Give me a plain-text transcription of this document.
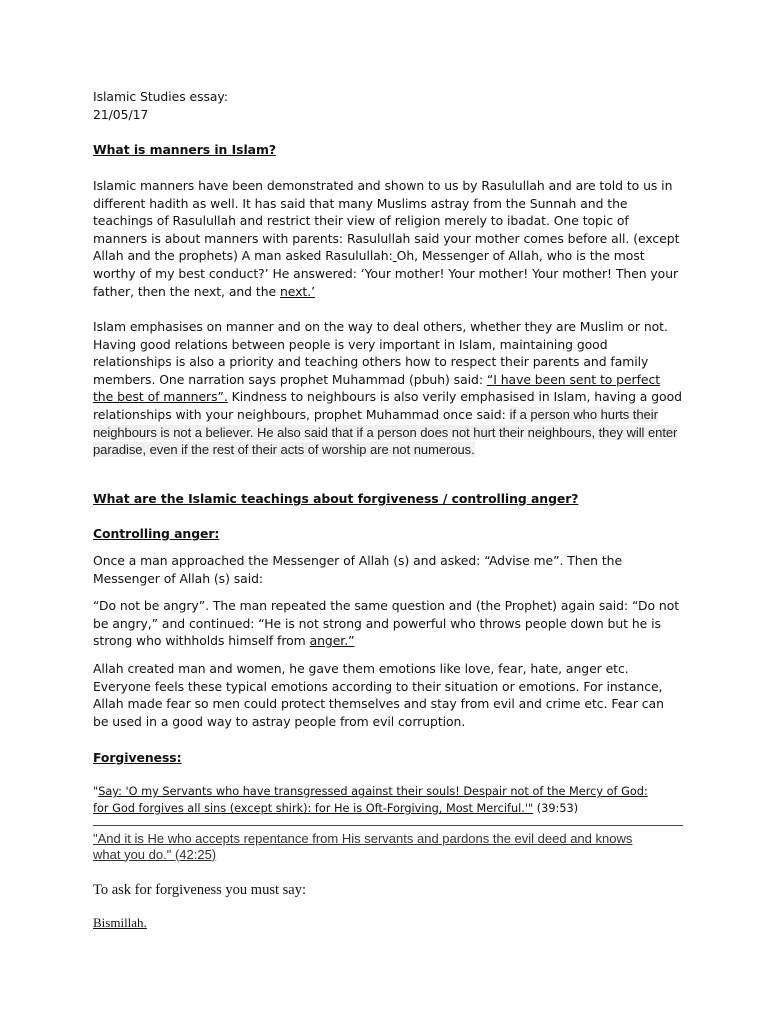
Islamic Studies essay:

21/05/17

What is manners in Islam?
Islamic manners have been demonstrated and shown to us by Rasulullah and are told to us in different hadith as well. It has said that many Muslims astray from the Sunnah and the teachings of Rasulullah and restrict their view of religion merely to ibadat. One topic of manners is about manners with parents: Rasulullah said your mother comes before all. (except Allah and the prophets) A man asked Rasulullah: Oh, Messenger of Allah, who is the most worthy of my best conduct?’ He answered: ‘Your mother! Your mother! Your mother! Then your father, then the next, and the next.’
Islam emphasises on manner and on the way to deal others, whether they are Muslim or not. Having good relations between people is very important in Islam, maintaining good relationships is also a priority and teaching others how to respect their parents and family members. One narration says prophet Muhammad (pbuh) said: “I have been sent to perfect the best of manners”. Kindness to neighbours is also verily emphasised in Islam, having a good relationships with your neighbours, prophet Muhammad once said: if a person who hurts their neighbours is not a believer. He also said that if a person does not hurt their neighbours, they will enter paradise, even if the rest of their acts of worship are not numerous.
What are the Islamic teachings about forgiveness / controlling anger?
Controlling anger:
Once a man approached the Messenger of Allah (s) and asked: “Advise me”. Then the Messenger of Allah (s) said:
“Do not be angry”. The man repeated the same question and (the Prophet) again said: “Do not be angry,” and continued: “He is not strong and powerful who throws people down but he is strong who withholds himself from anger.”
Allah created man and women, he gave them emotions like love, fear, hate, anger etc. Everyone feels these typical emotions according to their situation or emotions. For instance, Allah made fear so men could protect themselves and stay from evil and crime etc. Fear can be used in a good way to astray people from evil corruption.
Forgiveness:
"Say: 'O my Servants who have transgressed against their souls! Despair not of the Mercy of God: for God forgives all sins (except shirk): for He is Oft-Forgiving, Most Merciful.'" (39:53)
"And it is He who accepts repentance from His servants and pardons the evil deed and knows what you do." (42:25)
To ask for forgiveness you must say:
Bismillah.
